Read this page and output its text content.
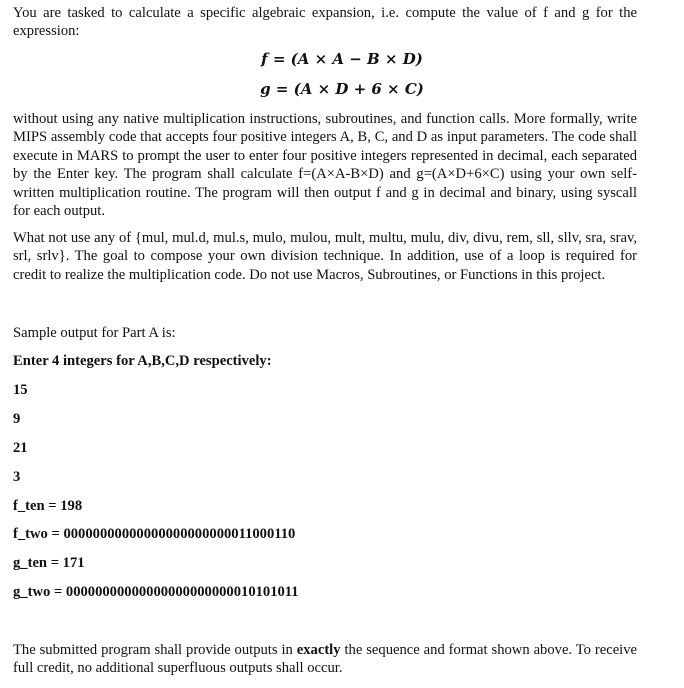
You are tasked to calculate a specific algebraic expansion, i.e. compute the value of f and g for the expression:

f = (A × A − B × D)
g = (A × D + 6 × C)

without using any native multiplication instructions, subroutines, and function calls. More formally, write MIPS assembly code that accepts four positive integers A, B, C, and D as input parameters. The code shall execute in MARS to prompt the user to enter four positive integers represented in decimal, each separated by the Enter key. The program shall calculate f=(A×A-B×D) and g=(A×D+6×C) using your own self-written multiplication routine. The program will then output f and g in decimal and binary, using syscall for each output.

What not use any of {mul, mul.d, mul.s, mulo, mulou, mult, multu, mulu, div, divu, rem, sll, sllv, sra, srav, srl, srlv}. The goal to compose your own division technique. In addition, use of a loop is required for credit to realize the multiplication code. Do not use Macros, Subroutines, or Functions in this project.

Sample output for Part A is:
Enter 4 integers for A,B,C,D respectively:
15
9
21
3
f_ten = 198
f_two = 00000000000000000000000011000110
g_ten = 171
g_two = 00000000000000000000000010101011

The submitted program shall provide outputs in exactly the sequence and format shown above. To receive full credit, no additional superfluous outputs shall occur.
